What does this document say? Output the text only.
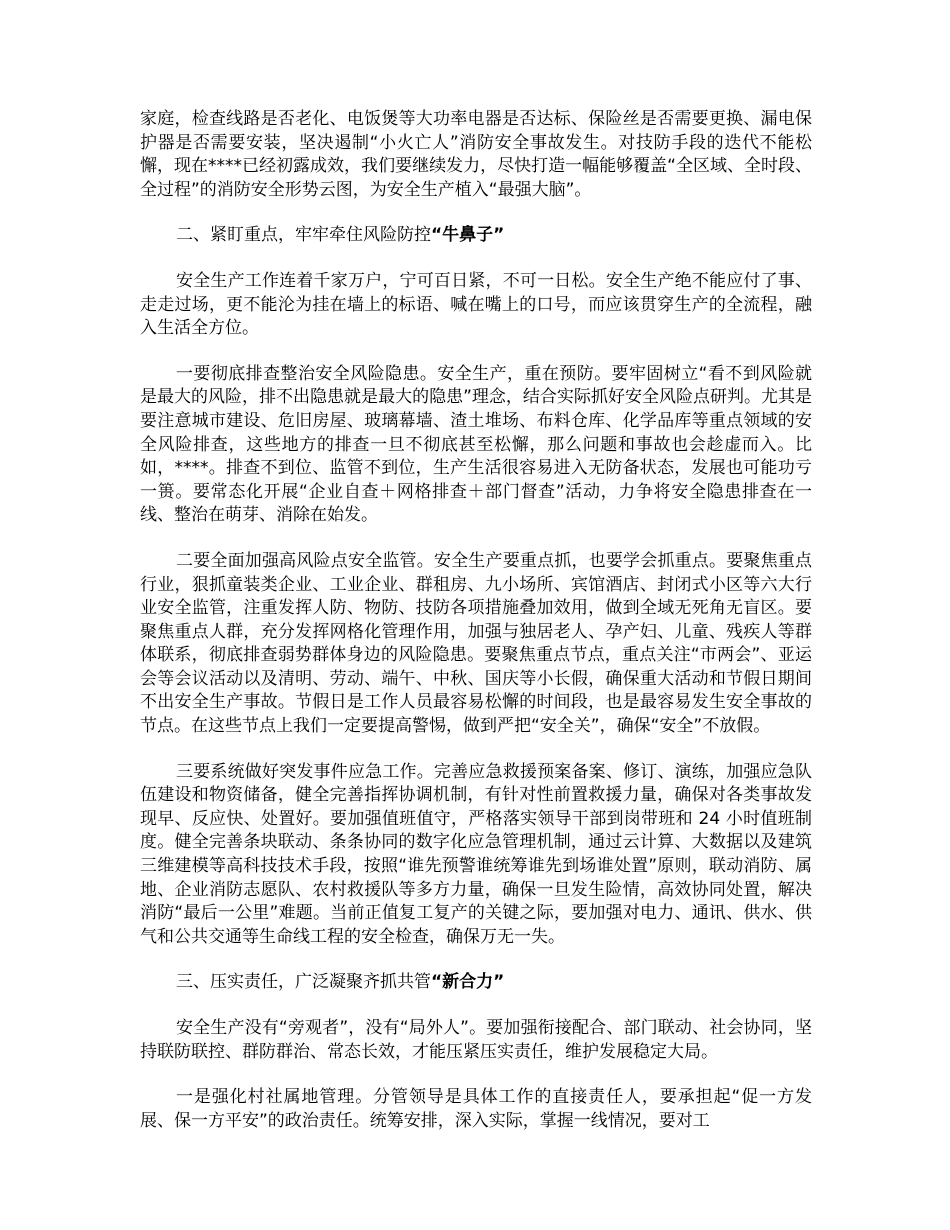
家庭，检查线路是否老化、电饭煲等大功率电器是否达标、保险丝是否需要更换、漏电保护器是否需要安装，坚决遏制“小火亡人”消防安全事故发生。对技防手段的迭代不能松懈，现在****已经初露成效，我们要继续发力，尽快打造一幅能够覆盖“全区域、全时段、全过程”的消防安全形势云图，为安全生产植入“最强大脑”。

二、紧盯重点，牢牢牵住风险防控“牛鼻子”

安全生产工作连着千家万户，宁可百日紧，不可一日松。安全生产绝不能应付了事、走走过场，更不能沦为挂在墙上的标语、喊在嘴上的口号，而应该贯穿生产的全流程，融入生活全方位。

一要彻底排查整治安全风险隐患。安全生产，重在预防。要牢固树立“看不到风险就是最大的风险，排不出隐患就是最大的隐患”理念，结合实际抓好安全风险点研判。尤其是要注意城市建设、危旧房屋、玻璃幕墙、渣土堆场、布料仓库、化学品库等重点领域的安全风险排查，这些地方的排查一旦不彻底甚至松懈，那么问题和事故也会趁虚而入。比如，****。排查不到位、监管不到位，生产生活很容易进入无防备状态，发展也可能功亏一篑。要常态化开展“企业自查＋网格排查＋部门督查”活动，力争将安全隐患排查在一线、整治在萌芽、消除在始发。

二要全面加强高风险点安全监管。安全生产要重点抓，也要学会抓重点。要聚焦重点行业，狠抓童装类企业、工业企业、群租房、九小场所、宾馆酒店、封闭式小区等六大行业安全监管，注重发挥人防、物防、技防各项措施叠加效用，做到全域无死角无盲区。要聚焦重点人群，充分发挥网格化管理作用，加强与独居老人、孕产妇、儿童、残疾人等群体联系，彻底排查弱势群体身边的风险隐患。要聚焦重点节点，重点关注“市两会”、亚运会等会议活动以及清明、劳动、端午、中秋、国庆等小长假，确保重大活动和节假日期间不出安全生产事故。节假日是工作人员最容易松懈的时间段，也是最容易发生安全事故的节点。在这些节点上我们一定要提高警惕，做到严把“安全关”，确保“安全”不放假。

三要系统做好突发事件应急工作。完善应急救援预案备案、修订、演练，加强应急队伍建设和物资储备，健全完善指挥协调机制，有针对性前置救援力量，确保对各类事故发现早、反应快、处置好。要加强值班值守，严格落实领导干部到岗带班和 24 小时值班制度。健全完善条块联动、条条协同的数字化应急管理机制，通过云计算、大数据以及建筑三维建模等高科技技术手段，按照“谁先预警谁统筹谁先到场谁处置”原则，联动消防、属地、企业消防志愿队、农村救援队等多方力量，确保一旦发生险情，高效协同处置，解决消防“最后一公里”难题。当前正值复工复产的关键之际，要加强对电力、通讯、供水、供气和公共交通等生命线工程的安全检查，确保万无一失。

三、压实责任，广泛凝聚齐抓共管“新合力”

安全生产没有“旁观者”，没有“局外人”。要加强衔接配合、部门联动、社会协同，坚持联防联控、群防群治、常态长效，才能压紧压实责任，维护发展稳定大局。

一是强化村社属地管理。分管领导是具体工作的直接责任人，要承担起“促一方发展、保一方平安”的政治责任。统筹安排，深入实际，掌握一线情况，要对工
